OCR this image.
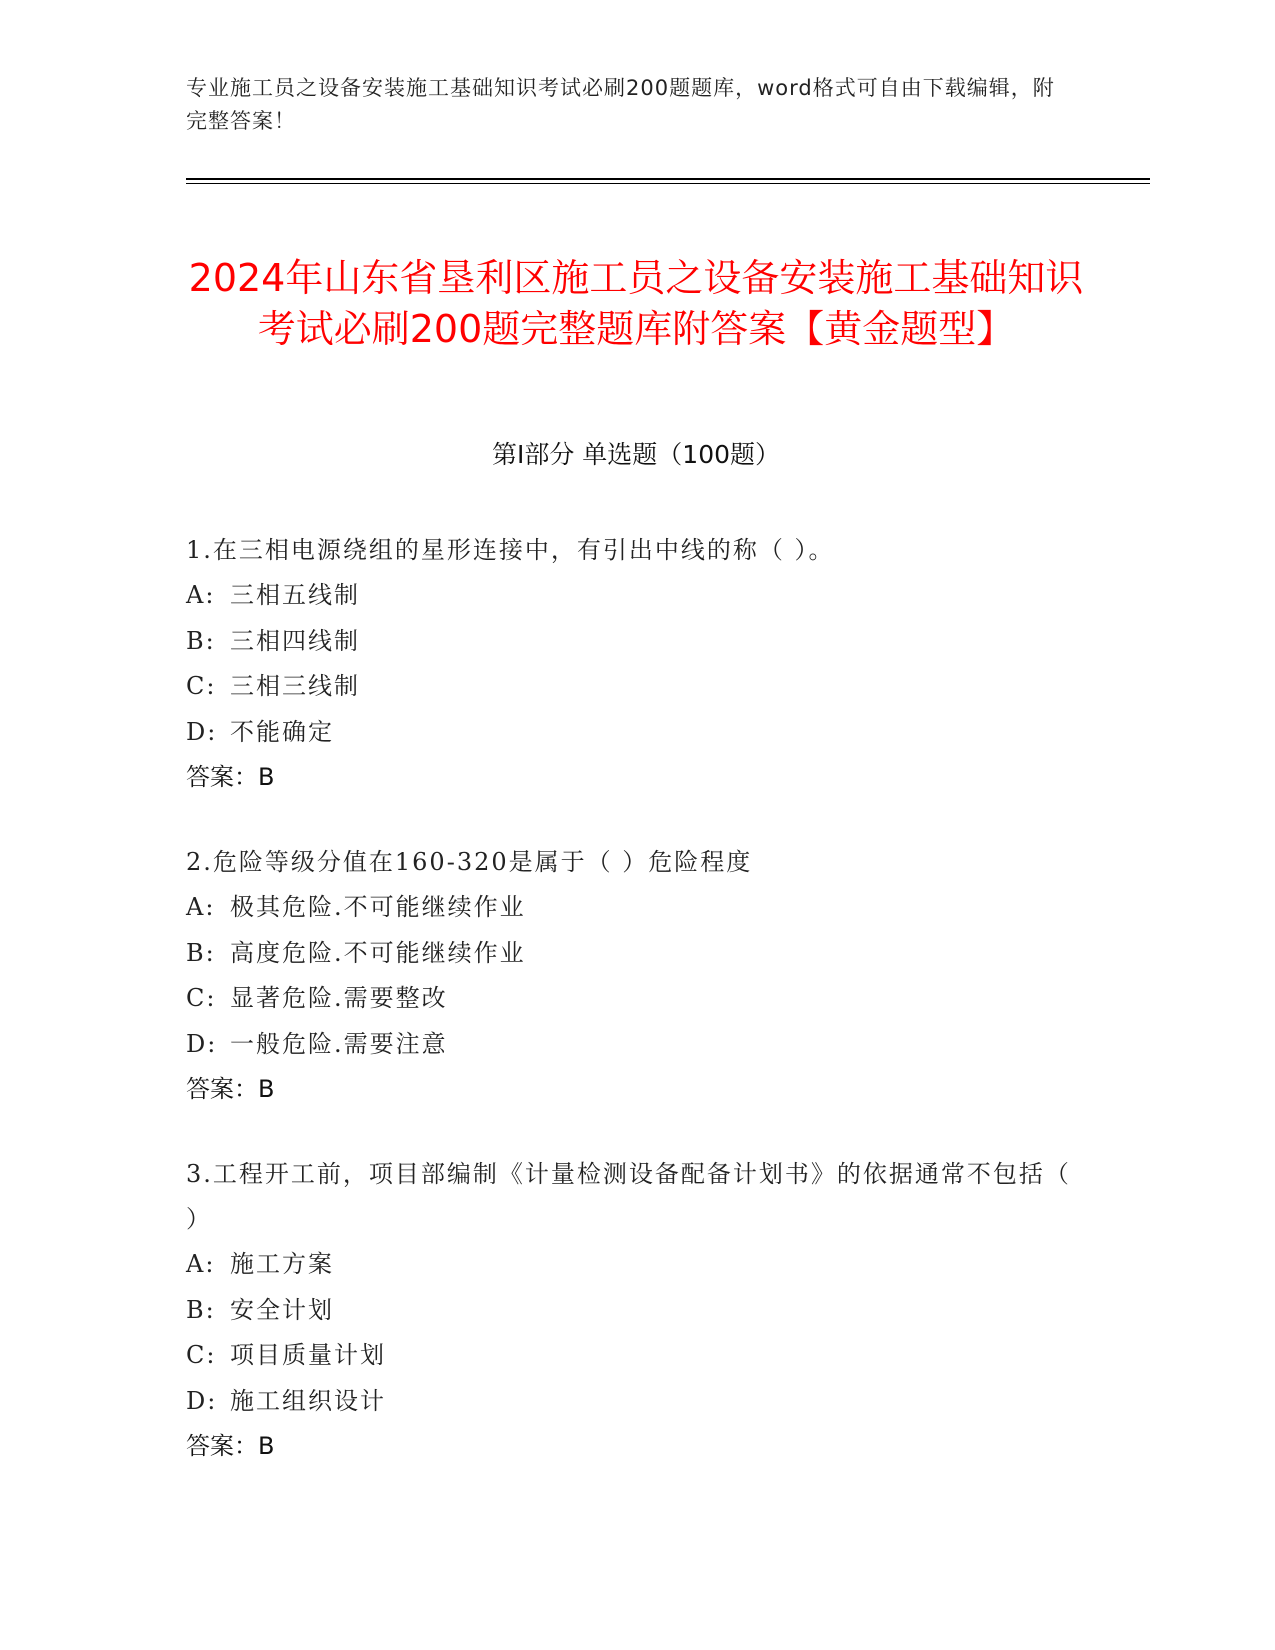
专业施工员之设备安装施工基础知识考试必刷200题题库，word格式可自由下载编辑，附完整答案！
2024年山东省垦利区施工员之设备安装施工基础知识考试必刷200题完整题库附答案【黄金题型】
第Ⅰ部分 单选题（100题）
1.在三相电源绕组的星形连接中，有引出中线的称（ ）。
A: 三相五线制
B: 三相四线制
C: 三相三线制
D: 不能确定
答案：B
2.危险等级分值在160-320是属于（ ）危险程度
A: 极其危险.不可能继续作业
B: 高度危险.不可能继续作业
C: 显著危险.需要整改
D: 一般危险.需要注意
答案：B
3.工程开工前，项目部编制《计量检测设备配备计划书》的依据通常不包括（ ）
A: 施工方案
B: 安全计划
C: 项目质量计划
D: 施工组织设计
答案：B
